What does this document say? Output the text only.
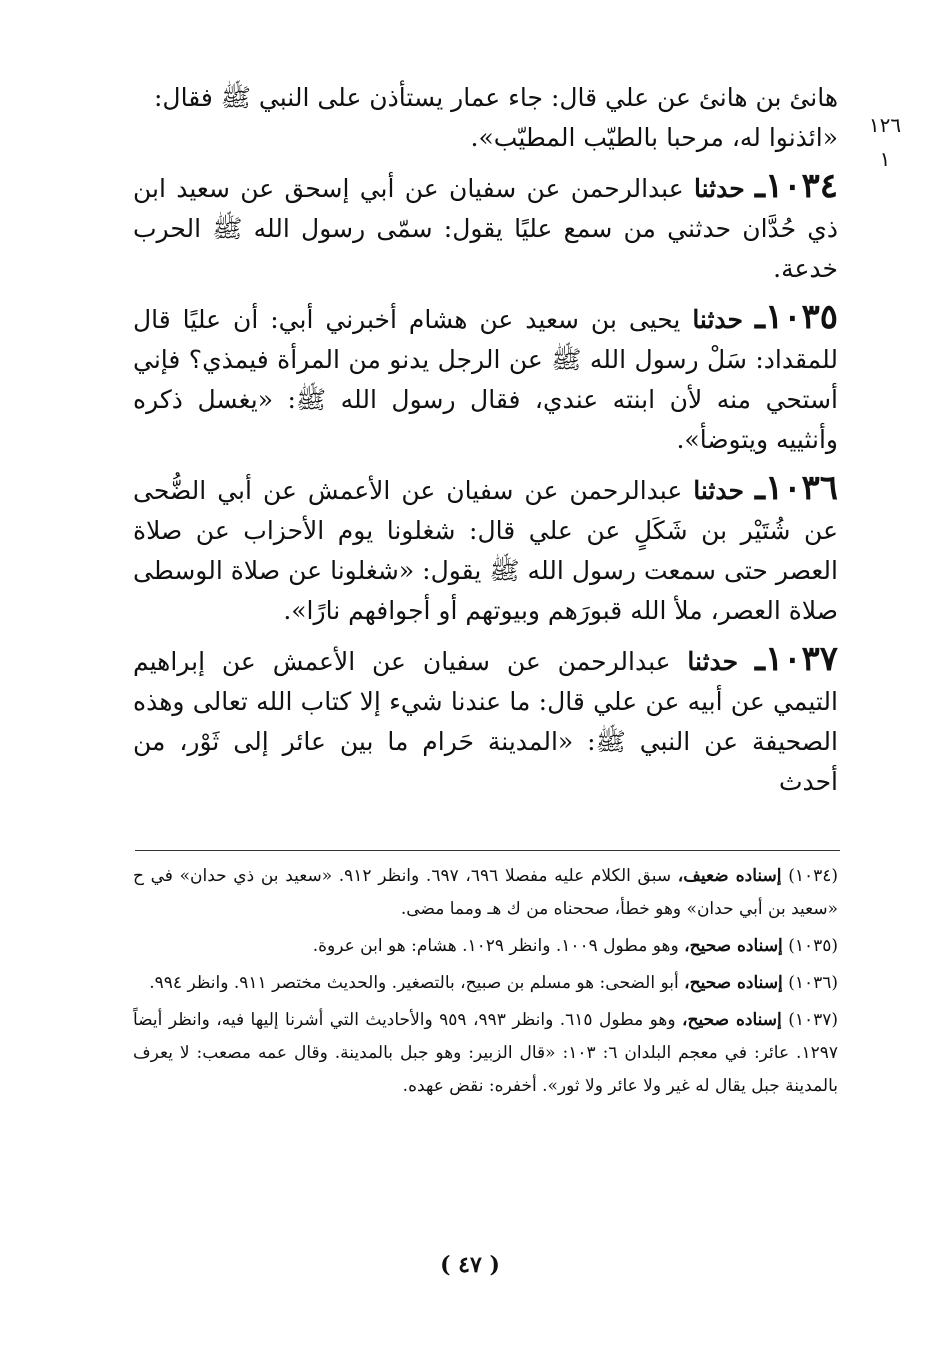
١٢٦
١

هانئ بن هانئ عن علي قال: جاء عمار يستأذن على النبي ﷺ فقال:
«ائذنوا له، مرحبا بالطيّب المطيّب».

١٠٣٤ـ حدثنا عبدالرحمن عن سفيان عن أبي إسحق عن سعيد ابن ذي حُدَّان حدثني من سمع عليًا يقول: سمّى رسول الله ﷺ الحرب خدعة.

١٠٣٥ـ حدثنا يحيى بن سعيد عن هشام أخبرني أبي: أن عليًا قال للمقداد: سَلْ رسول الله ﷺ عن الرجل يدنو من المرأة فيمذي؟ فإني أستحي منه لأن ابنته عندي، فقال رسول الله ﷺ: «يغسل ذكره وأنثييه ويتوضأ».

١٠٣٦ـ حدثنا عبدالرحمن عن سفيان عن الأعمش عن أبي الضُّحى عن شُتَيْر بن شَكَلٍ عن علي قال: شغلونا يوم الأحزاب عن صلاة العصر حتى سمعت رسول الله ﷺ يقول: «شغلونا عن صلاة الوسطى صلاة العصر، ملأ الله قبورَهم وبيوتهم أو أجوافهم نارًا».

١٠٣٧ـ حدثنا عبدالرحمن عن سفيان عن الأعمش عن إبراهيم التيمي عن أبيه عن علي قال: ما عندنا شيء إلا كتاب الله تعالى وهذه الصحيفة عن النبي ﷺ: «المدينة حَرام ما بين عائر إلى ثَوْر، من أحدث

(١٠٣٤) إسناده ضعيف، سبق الكلام عليه مفصلا ٦٩٦، ٦٩٧. وانظر ٩١٢. «سعيد بن ذي حدان» في ح «سعيد بن أبي حدان» وهو خطأ، صححناه من ك هـ ومما مضى.

(١٠٣٥) إسناده صحيح، وهو مطول ١٠٠٩. وانظر ١٠٢٩. هشام: هو ابن عروة.

(١٠٣٦) إسناده صحيح، أبو الضحى: هو مسلم بن صبيح، بالتصغير. والحديث مختصر ٩١١. وانظر ٩٩٤.

(١٠٣٧) إسناده صحيح، وهو مطول ٦١٥. وانظر ٩٩٣، ٩٥٩ والأحاديث التي أشرنا إليها فيه، وانظر أيضاً ١٢٩٧. عائر: في معجم البلدان ٦: ١٠٣: «قال الزبير: وهو جبل بالمدينة. وقال عمه مصعب: لا يعرف بالمدينة جبل يقال له غير ولا عائر ولا ثور». أخفره: نقض عهده.

( ٤٧ )
